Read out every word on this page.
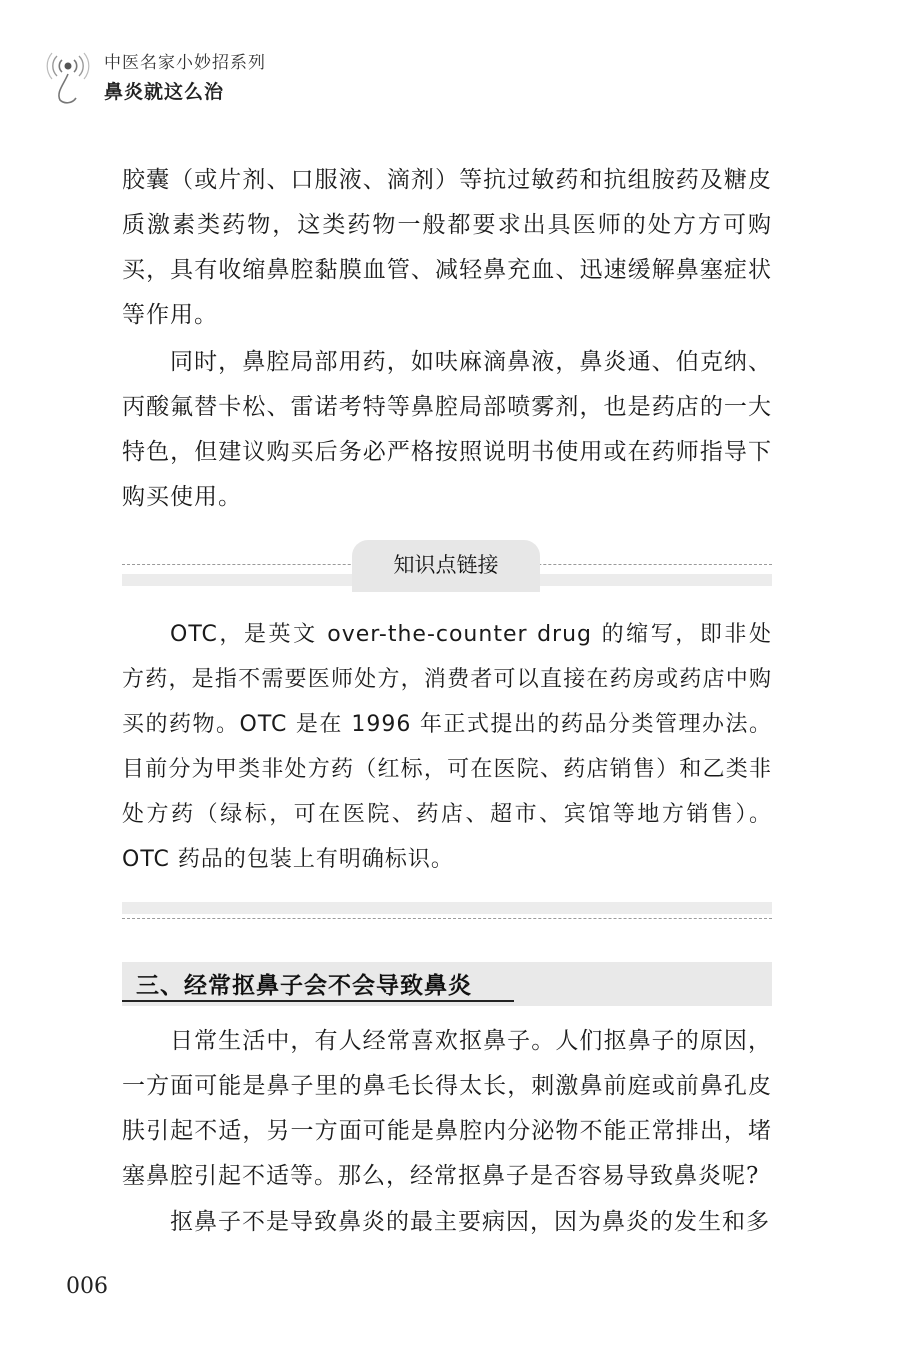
中医名家小妙招系列
鼻炎就这么治

胶囊（或片剂、口服液、滴剂）等抗过敏药和抗组胺药及糖皮质激素类药物，这类药物一般都要求出具医师的处方方可购买，具有收缩鼻腔黏膜血管、减轻鼻充血、迅速缓解鼻塞症状等作用。

同时，鼻腔局部用药，如呋麻滴鼻液，鼻炎通、伯克纳、丙酸氟替卡松、雷诺考特等鼻腔局部喷雾剂，也是药店的一大特色，但建议购买后务必严格按照说明书使用或在药师指导下购买使用。

知识点链接

OTC，是英文 over-the-counter drug 的缩写，即非处方药，是指不需要医师处方，消费者可以直接在药房或药店中购买的药物。OTC 是在 1996 年正式提出的药品分类管理办法。目前分为甲类非处方药（红标，可在医院、药店销售）和乙类非处方药（绿标，可在医院、药店、超市、宾馆等地方销售）。OTC 药品的包装上有明确标识。

三、经常抠鼻子会不会导致鼻炎

日常生活中，有人经常喜欢抠鼻子。人们抠鼻子的原因，一方面可能是鼻子里的鼻毛长得太长，刺激鼻前庭或前鼻孔皮肤引起不适，另一方面可能是鼻腔内分泌物不能正常排出，堵塞鼻腔引起不适等。那么，经常抠鼻子是否容易导致鼻炎呢?

抠鼻子不是导致鼻炎的最主要病因，因为鼻炎的发生和多

006
